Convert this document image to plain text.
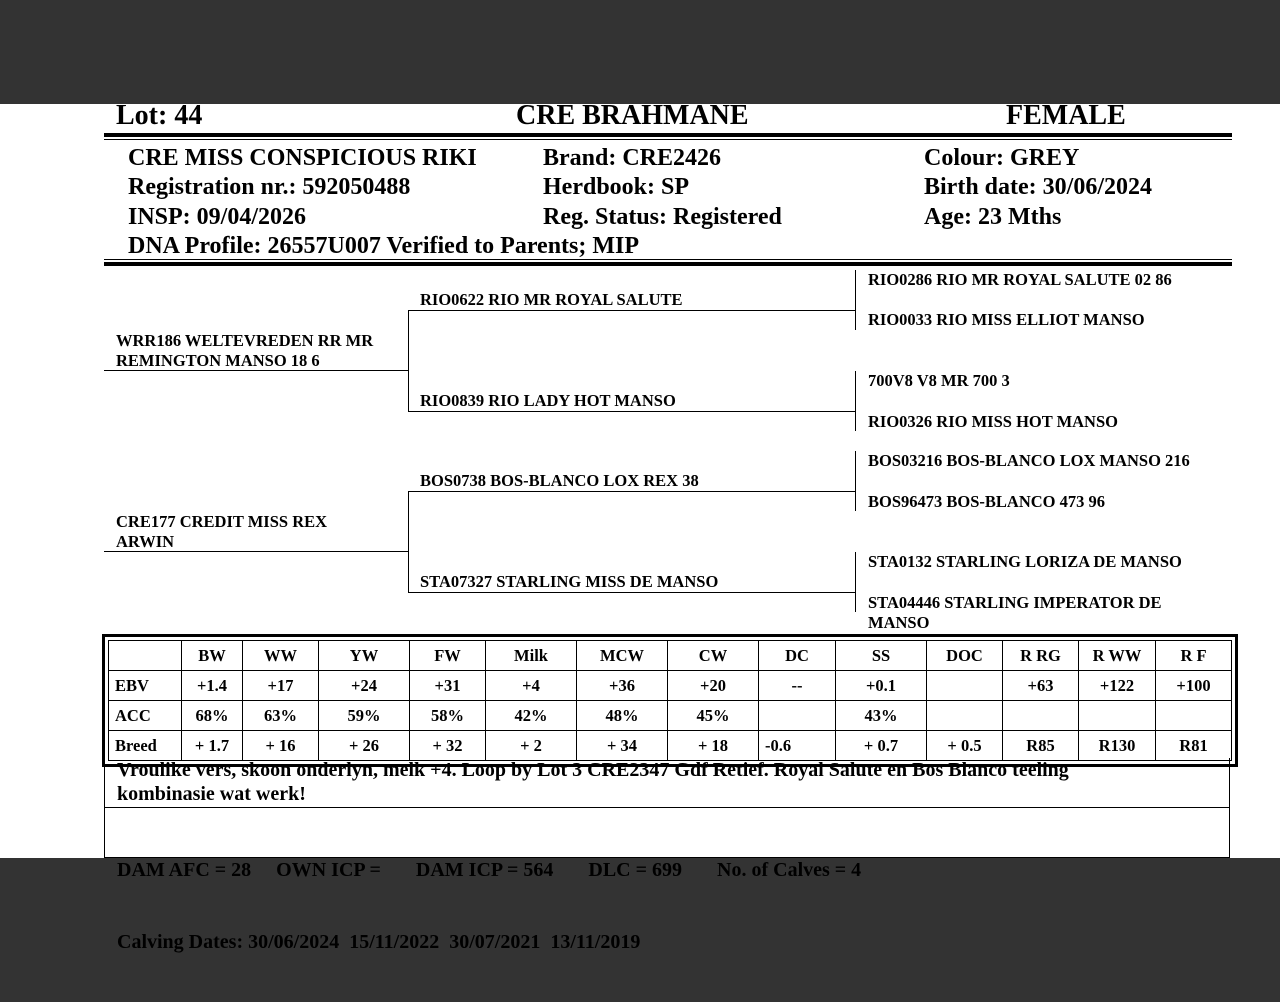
Lot: 44	CRE BRAHMANE	FEMALE
CRE MISS CONSPICIOUS RIKI	Brand: CRE2426	Colour: GREY
Registration nr.: 592050488	Herdbook: SP	Birth date: 30/06/2024
INSP: 09/04/2026	Reg. Status: Registered	Age: 23 Mths
DNA Profile: 26557U007 Verified to Parents; MIP
WRR186 WELTEVREDEN RR MR
REMINGTON MANSO 18 6
RIO0622 RIO MR ROYAL SALUTE
RIO0839 RIO LADY HOT MANSO
RIO0286 RIO MR ROYAL SALUTE 02 86
RIO0033 RIO MISS ELLIOT MANSO
700V8 V8 MR 700 3
RIO0326 RIO MISS HOT MANSO
CRE177 CREDIT MISS REX
ARWIN
BOS0738 BOS-BLANCO LOX REX 38
STA07327 STARLING MISS DE MANSO
BOS03216 BOS-BLANCO LOX MANSO 216
BOS96473 BOS-BLANCO 473 96
STA0132 STARLING LORIZA DE MANSO
STA04446 STARLING IMPERATOR DE
MANSO
	BW	WW	YW	FW	Milk	MCW	CW	DC	SS	DOC	R RG	R WW	R F
EBV	+1.4	+17	+24	+31	+4	+36	+20	--	+0.1		+63	+122	+100
ACC	68%	63%	59%	58%	42%	48%	45%		43%				
Breed	+ 1.7	+ 16	+ 26	+ 32	+ 2	+ 34	+ 18	-0.6	+ 0.7	+ 0.5	R85	R130	R81
Vroulike vers, skoon onderlyn, melk +4. Loop by Lot 3 CRE2347 Gdf Retief. Royal Salute en Bos Blanco teeling
kombinasie wat werk!

DAM AFC = 28     OWN ICP =       DAM ICP = 564       DLC = 699       No. of Calves = 4

Calving Dates: 30/06/2024  15/11/2022  30/07/2021  13/11/2019
